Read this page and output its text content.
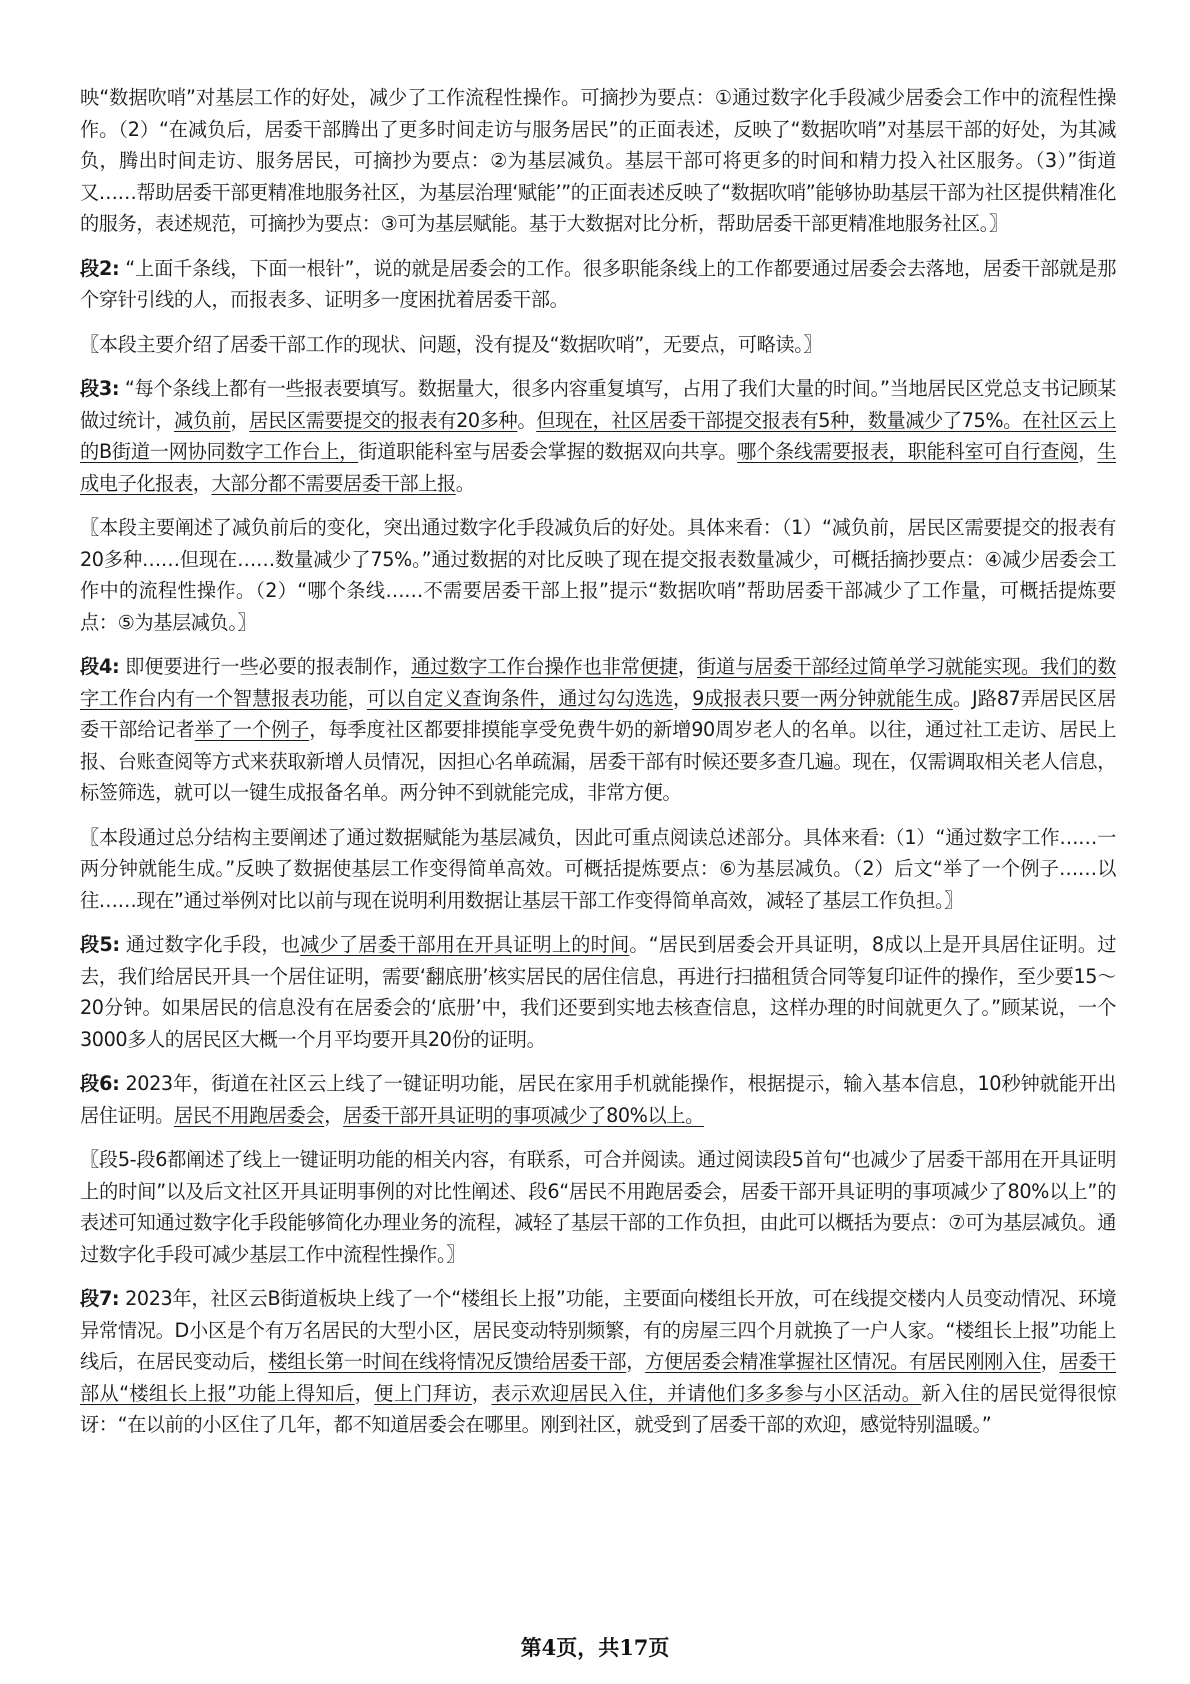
映“数据吹哨”对基层工作的好处，减少了工作流程性操作。可摘抄为要点：①通过数字化手段减少居委会工作中的流程性操作。（2）“在减负后，居委干部腾出了更多时间走访与服务居民”的正面表述，反映了“数据吹哨”对基层干部的好处，为其减负，腾出时间走访、服务居民，可摘抄为要点：②为基层减负。基层干部可将更多的时间和精力投入社区服务。（3）”街道又……帮助居委干部更精准地服务社区，为基层治理‘赋能’”的正面表述反映了“数据吹哨”能够协助基层干部为社区提供精准化的服务，表述规范，可摘抄为要点：③可为基层赋能。基于大数据对比分析，帮助居委干部更精准地服务社区。〗

段2: “上面千条线，下面一根针”，说的就是居委会的工作。很多职能条线上的工作都要通过居委会去落地，居委干部就是那个穿针引线的人，而报表多、证明多一度困扰着居委干部。

〖本段主要介绍了居委干部工作的现状、问题，没有提及“数据吹哨”，无要点，可略读。〗

段3: “每个条线上都有一些报表要填写。数据量大，很多内容重复填写，占用了我们大量的时间。”当地居民区党总支书记顾某做过统计，减负前，居民区需要提交的报表有20多种。但现在，社区居委干部提交报表有5种，数量减少了75%。在社区云上的B街道一网协同数字工作台上，街道职能科室与居委会掌握的数据双向共享。哪个条线需要报表，职能科室可自行查阅，生成电子化报表，大部分都不需要居委干部上报。

〖本段主要阐述了减负前后的变化，突出通过数字化手段减负后的好处。具体来看：（1）“减负前，居民区需要提交的报表有20多种……但现在……数量减少了75%。”通过数据的对比反映了现在提交报表数量减少，可概括摘抄要点：④减少居委会工作中的流程性操作。（2）“哪个条线……不需要居委干部上报”提示“数据吹哨”帮助居委干部减少了工作量，可概括提炼要点：⑤为基层减负。〗

段4: 即便要进行一些必要的报表制作，通过数字工作台操作也非常便捷，街道与居委干部经过简单学习就能实现。我们的数字工作台内有一个智慧报表功能，可以自定义查询条件，通过勾勾选选，9成报表只要一两分钟就能生成。J路87弄居民区居委干部给记者举了一个例子，每季度社区都要排摸能享受免费牛奶的新增90周岁老人的名单。以往，通过社工走访、居民上报、台账查阅等方式来获取新增人员情况，因担心名单疏漏，居委干部有时候还要多查几遍。现在，仅需调取相关老人信息，标签筛选，就可以一键生成报备名单。两分钟不到就能完成，非常方便。

〖本段通过总分结构主要阐述了通过数据赋能为基层减负，因此可重点阅读总述部分。具体来看:（1）“通过数字工作……一两分钟就能生成。”反映了数据使基层工作变得简单高效。可概括提炼要点：⑥为基层减负。（2）后文“举了一个例子……以往……现在”通过举例对比以前与现在说明利用数据让基层干部工作变得简单高效，减轻了基层工作负担。〗

段5: 通过数字化手段，也减少了居委干部用在开具证明上的时间。“居民到居委会开具证明，8成以上是开具居住证明。过去，我们给居民开具一个居住证明，需要‘翻底册’核实居民的居住信息，再进行扫描租赁合同等复印证件的操作，至少要15～20分钟。如果居民的信息没有在居委会的‘底册’中，我们还要到实地去核查信息，这样办理的时间就更久了。”顾某说，一个3000多人的居民区大概一个月平均要开具20份的证明。

段6: 2023年，街道在社区云上线了一键证明功能，居民在家用手机就能操作，根据提示，输入基本信息，10秒钟就能开出居住证明。居民不用跑居委会，居委干部开具证明的事项减少了80%以上。

〖段5-段6都阐述了线上一键证明功能的相关内容，有联系，可合并阅读。通过阅读段5首句“也减少了居委干部用在开具证明上的时间”以及后文社区开具证明事例的对比性阐述、段6“居民不用跑居委会，居委干部开具证明的事项减少了80%以上”的表述可知通过数字化手段能够简化办理业务的流程，减轻了基层干部的工作负担，由此可以概括为要点：⑦可为基层减负。通过数字化手段可减少基层工作中流程性操作。〗

段7: 2023年，社区云B街道板块上线了一个“楼组长上报”功能，主要面向楼组长开放，可在线提交楼内人员变动情况、环境异常情况。D小区是个有万名居民的大型小区，居民变动特别频繁，有的房屋三四个月就换了一户人家。“楼组长上报”功能上线后，在居民变动后，楼组长第一时间在线将情况反馈给居委干部，方便居委会精准掌握社区情况。有居民刚刚入住，居委干部从“楼组长上报”功能上得知后，便上门拜访，表示欢迎居民入住，并请他们多多参与小区活动。新入住的居民觉得很惊讶：“在以前的小区住了几年，都不知道居委会在哪里。刚到社区，就受到了居委干部的欢迎，感觉特别温暖。”

第4页，共17页
